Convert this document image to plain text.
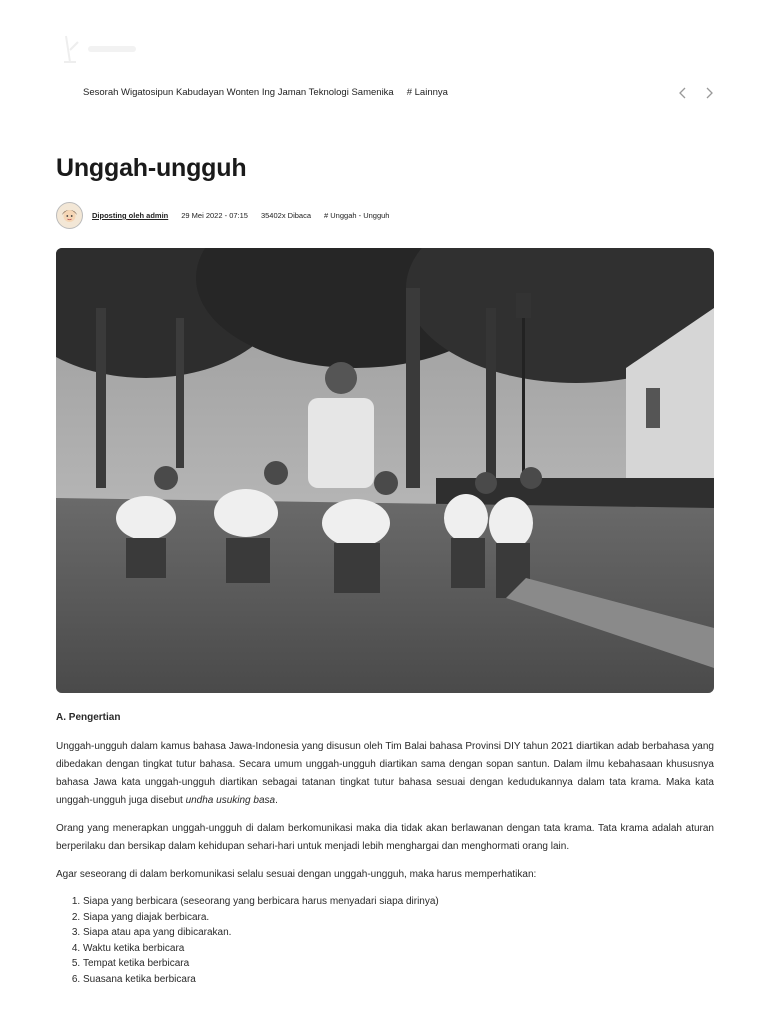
Sesorah Wigatosipun Kabudayan Wonten Ing Jaman Teknologi Samenika # Lainnya
Unggah-ungguh
Diposting oleh admin 29 Mei 2022 - 07:15 35402x Dibaca # Unggah - Ungguh
A. Pengertian

Unggah-ungguh dalam kamus bahasa Jawa-Indonesia yang disusun oleh Tim Balai bahasa Provinsi DIY tahun 2021 diartikan adab berbahasa yang dibedakan dengan tingkat tutur bahasa. Secara umum unggah-ungguh diartikan sama dengan sopan santun. Dalam ilmu kebahasaan khususnya bahasa Jawa kata unggah-ungguh diartikan sebagai tatanan tingkat tutur bahasa sesuai dengan kedudukannya dalam tata krama. Maka kata unggah-ungguh juga disebut undha usuking basa.

Orang yang menerapkan unggah-ungguh di dalam berkomunikasi maka dia tidak akan berlawanan dengan tata krama. Tata krama adalah aturan berperilaku dan bersikap dalam kehidupan sehari-hari untuk menjadi lebih menghargai dan menghormati orang lain.

Agar seseorang di dalam berkomunikasi selalu sesuai dengan unggah-ungguh, maka harus memperhatikan:

1. Siapa yang berbicara (seseorang yang berbicara harus menyadari siapa dirinya)
2. Siapa yang diajak berbicara.
3. Siapa atau apa yang dibicarakan.
4. Waktu ketika berbicara
5. Tempat ketika berbicara
6. Suasana ketika berbicara
